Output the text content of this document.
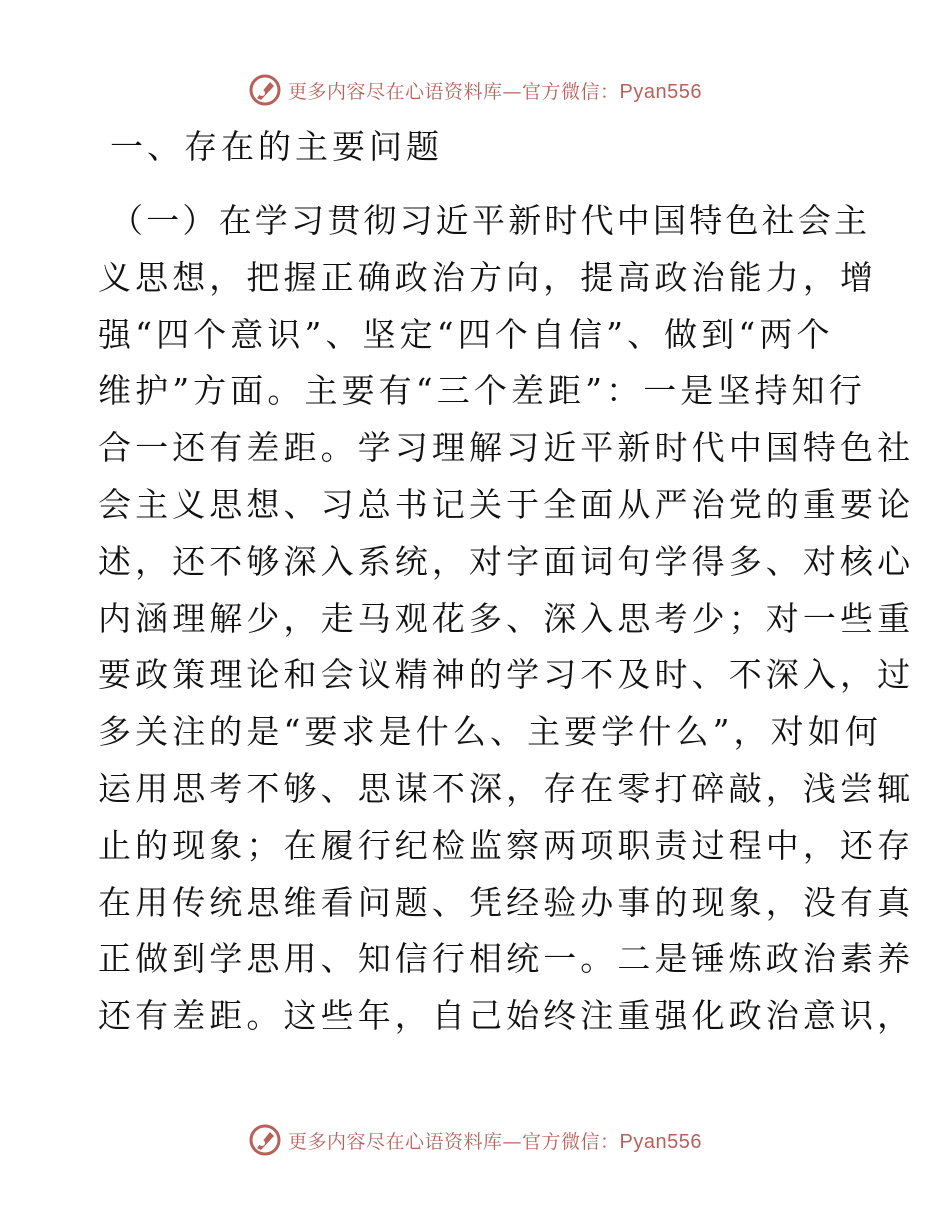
更多内容尽在心语资料库—官方微信：Pyan556
一、存在的主要问题
（一）在学习贯彻习近平新时代中国特色社会主
义思想，把握正确政治方向，提高政治能力，增
强“四个意识”、坚定“四个自信”、做到“两个
维护”方面。主要有“三个差距”：一是坚持知行
合一还有差距。学习理解习近平新时代中国特色社
会主义思想、习总书记关于全面从严治党的重要论
述，还不够深入系统，对字面词句学得多、对核心
内涵理解少，走马观花多、深入思考少；对一些重
要政策理论和会议精神的学习不及时、不深入，过
多关注的是“要求是什么、主要学什么”，对如何
运用思考不够、思谋不深，存在零打碎敲，浅尝辄
止的现象；在履行纪检监察两项职责过程中，还存
在用传统思维看问题、凭经验办事的现象，没有真
正做到学思用、知信行相统一。二是锤炼政治素养
还有差距。这些年，自己始终注重强化政治意识，
更多内容尽在心语资料库—官方微信：Pyan556
